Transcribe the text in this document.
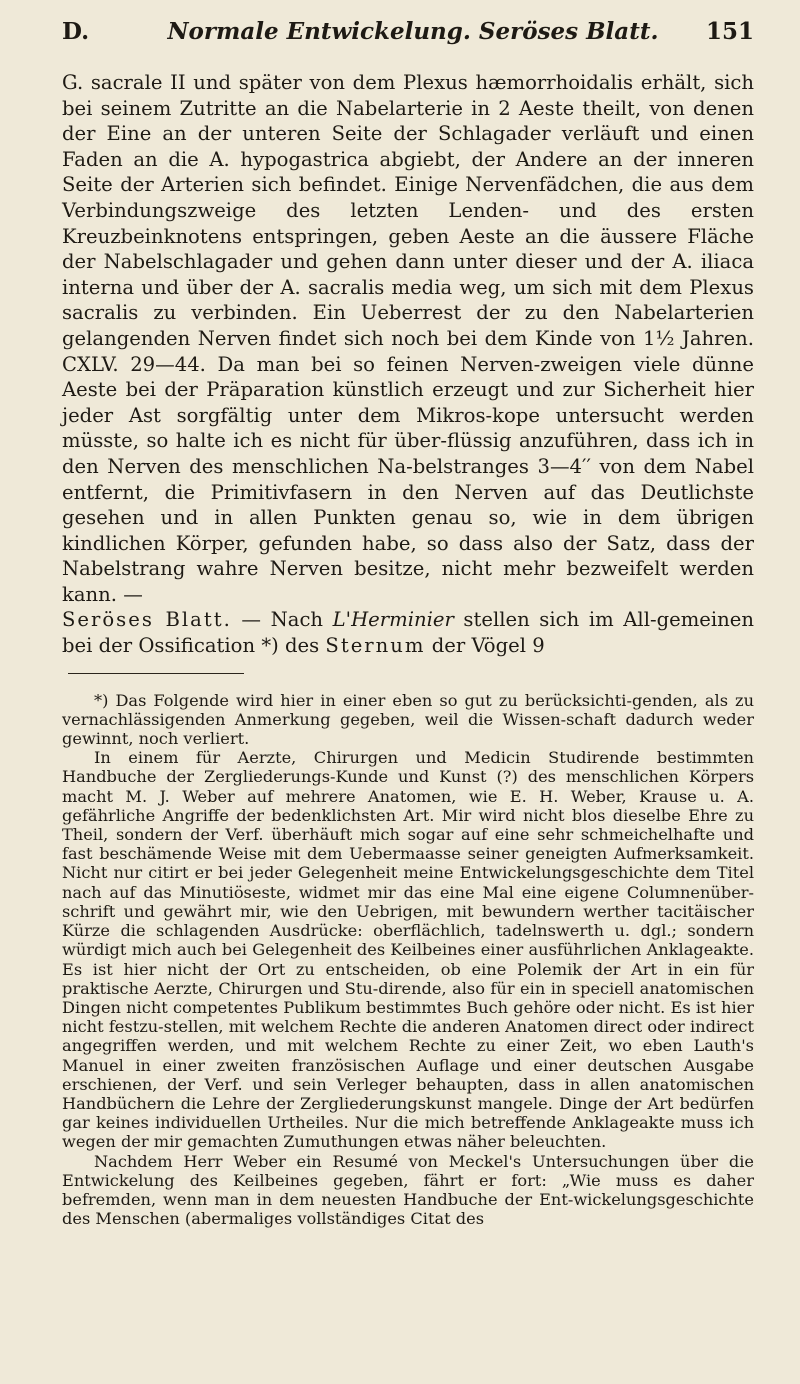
D.	Normale Entwickelung. Seröses Blatt.	151

G. sacrale II und später von dem Plexus hæmorrhoidalis erhält, sich bei seinem Zutritte an die Nabelarterie in 2 Aeste theilt, von denen der Eine an der unteren Seite der Schlagader verläuft und einen Faden an die A. hypogastrica abgiebt, der Andere an der inneren Seite der Arterien sich befindet. Einige Nervenfädchen, die aus dem Verbindungszweige des letzten Lenden- und des ersten Kreuzbeinknotens entspringen, geben Aeste an die äussere Fläche der Nabelschlagader und gehen dann unter dieser und der A. iliaca interna und über der A. sacralis media weg, um sich mit dem Plexus sacralis zu verbinden. Ein Ueberrest der zu den Nabelarterien gelangenden Nerven findet sich noch bei dem Kinde von 1½ Jahren. CXLV. 29—44. Da man bei so feinen Nerven-zweigen viele dünne Aeste bei der Präparation künstlich erzeugt und zur Sicherheit hier jeder Ast sorgfältig unter dem Mikros-kope untersucht werden müsste, so halte ich es nicht für über-flüssig anzuführen, dass ich in den Nerven des menschlichen Na-belstranges 3—4′′ von dem Nabel entfernt, die Primitivfasern in den Nerven auf das Deutlichste gesehen und in allen Punkten genau so, wie in dem übrigen kindlichen Körper, gefunden habe, so dass also der Satz, dass der Nabelstrang wahre Nerven besitze, nicht mehr bezweifelt werden kann. —

Seröses Blatt. — Nach L'Herminier stellen sich im All-gemeinen bei der Ossification *) des Sternum der Vögel 9

*) Das Folgende wird hier in einer eben so gut zu berücksichti-genden, als zu vernachlässigenden Anmerkung gegeben, weil die Wissen-schaft dadurch weder gewinnt, noch verliert.

In einem für Aerzte, Chirurgen und Medicin Studirende bestimmten Handbuche der Zergliederungs-Kunde und Kunst (?) des menschlichen Körpers macht M. J. Weber auf mehrere Anatomen, wie E. H. Weber, Krause u. A. gefährliche Angriffe der bedenklichsten Art. Mir wird nicht blos dieselbe Ehre zu Theil, sondern der Verf. überhäuft mich sogar auf eine sehr schmeichelhafte und fast beschämende Weise mit dem Uebermaasse seiner geneigten Aufmerksamkeit. Nicht nur citirt er bei jeder Gelegenheit meine Entwickelungsgeschichte dem Titel nach auf das Minutiöseste, widmet mir das eine Mal eine eigene Columnenüber-schrift und gewährt mir, wie den Uebrigen, mit bewundern werther tacitäischer Kürze die schlagenden Ausdrücke: oberflächlich, tadelnswerth u. dgl.; sondern würdigt mich auch bei Gelegenheit des Keilbeines einer ausführlichen Anklageakte. Es ist hier nicht der Ort zu entscheiden, ob eine Polemik der Art in ein für praktische Aerzte, Chirurgen und Stu-dirende, also für ein in speciell anatomischen Dingen nicht competentes Publikum bestimmtes Buch gehöre oder nicht. Es ist hier nicht festzu-stellen, mit welchem Rechte die anderen Anatomen direct oder indirect angegriffen werden, und mit welchem Rechte zu einer Zeit, wo eben Lauth's Manuel in einer zweiten französischen Auflage und einer deutschen Ausgabe erschienen, der Verf. und sein Verleger behaupten, dass in allen anatomischen Handbüchern die Lehre der Zergliederungskunst mangele. Dinge der Art bedürfen gar keines individuellen Urtheiles. Nur die mich betreffende Anklageakte muss ich wegen der mir gemachten Zumuthungen etwas näher beleuchten.

Nachdem Herr Weber ein Resumé von Meckel's Untersuchungen über die Entwickelung des Keilbeines gegeben, fährt er fort: „Wie muss es daher befremden, wenn man in dem neuesten Handbuche der Ent-wickelungsgeschichte des Menschen (abermaliges vollständiges Citat des
